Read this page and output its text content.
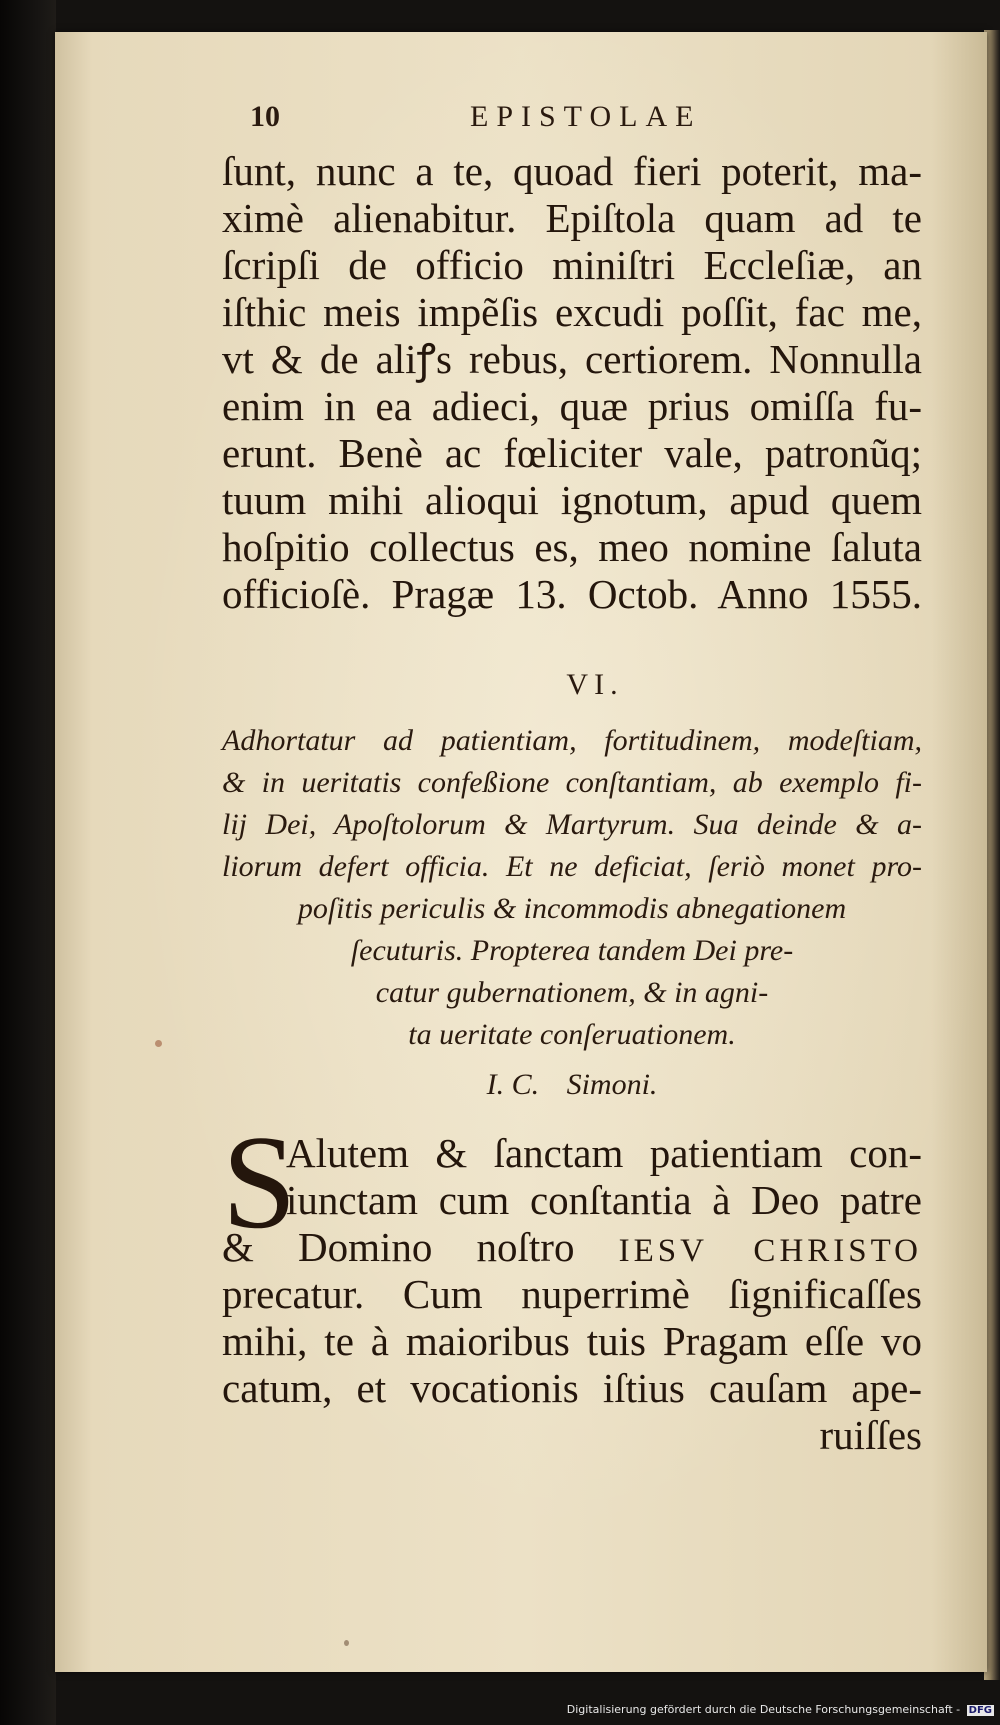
10	EPISTOLAE
ſunt, nunc a te, quoad fieri poterit, ma-
ximè alienabitur. Epiſtola quam ad te
ſcripſi de officio miniſtri Eccleſiæ, an
iſthic meis impẽſis excudi poſſit, fac me,
vt & de aliꝭs rebus, certiorem. Nonnulla
enim in ea adieci, quæ prius omiſſa fu-
erunt. Benè ac fœliciter vale, patronũq;
tuum mihi alioqui ignotum, apud quem
hoſpitio collectus es, meo nomine ſaluta
officioſè. Pragæ 13. Octob. Anno 1555.
VI.
Adhortatur ad patientiam, fortitudinem, modeſtiam,
& in ueritatis confeßione conſtantiam, ab exemplo fi-
lij Dei, Apoſtolorum & Martyrum. Sua deinde & a-
liorum defert officia. Et ne deficiat, ſeriò monet pro-
poſitis periculis & incommodis abnegationem
ſecuturis. Propterea tandem Dei pre-
catur gubernationem, & in agni-
ta ueritate conſeruationem.
I. C. Simoni.
S
Alutem & ſanctam patientiam con-
iunctam cum conſtantia à Deo patre
& Domino noſtro IESV CHRISTO
precatur. Cum nuperrimè ſignificaſſes
mihi, te à maioribus tuis Pragam eſſe vo
catum, et vocationis iſtius cauſam ape-
ruiſſes
Digitalisierung gefördert durch die Deutsche Forschungsgemeinschaft - DFG
